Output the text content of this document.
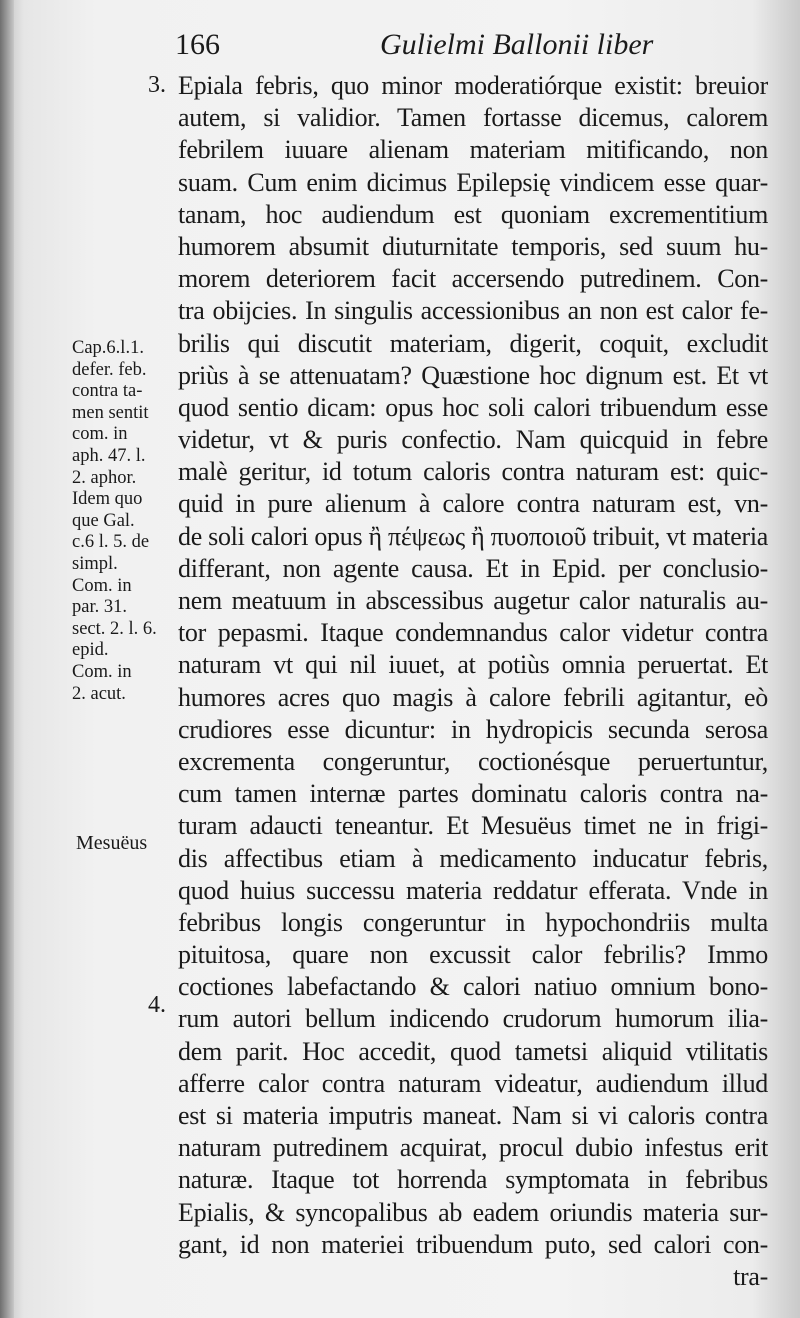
166	Gulielmi Ballonii liber
3.
4.
Epiala febris, quo minor moderatiórque existit: breuior
autem, si validior. Tamen fortasse dicemus, calorem
febrilem iuuare alienam materiam mitificando, non
suam. Cum enim dicimus Epilepsię vindicem esse quar-
tanam, hoc audiendum est quoniam excrementitium
humorem absumit diuturnitate temporis, sed suum hu-
morem deteriorem facit accersendo putredinem. Con-
tra obijcies. In singulis accessionibus an non est calor fe-
brilis qui discutit materiam, digerit, coquit, excludit
priùs à se attenuatam? Quæstione hoc dignum est. Et vt
quod sentio dicam: opus hoc soli calori tribuendum esse
videtur, vt & puris confectio. Nam quicquid in febre
malè geritur, id totum caloris contra naturam est: quic-
quid in pure alienum à calore contra naturam est, vn-
de soli calori opus ἢ πέψεως ἢ πυοποιοῦ tribuit, vt materia
differant, non agente causa. Et in Epid. per conclusio-
nem meatuum in abscessibus augetur calor naturalis au-
tor pepasmi. Itaque condemnandus calor videtur contra
naturam vt qui nil iuuet, at potiùs omnia peruertat. Et
humores acres quo magis à calore febrili agitantur, eò
crudiores esse dicuntur: in hydropicis secunda serosa
excrementa congeruntur, coctionésque peruertuntur,
cum tamen internæ partes dominatu caloris contra na-
turam adaucti teneantur. Et Mesuëus timet ne in frigi-
dis affectibus etiam à medicamento inducatur febris,
quod huius successu materia reddatur efferata. Vnde in
febribus longis congeruntur in hypochondriis multa
pituitosa, quare non excussit calor febrilis? Immo
coctiones labefactando & calori natiuo omnium bono-
rum autori bellum indicendo crudorum humorum ilia-
dem parit. Hoc accedit, quod tametsi aliquid vtilitatis
afferre calor contra naturam videatur, audiendum illud
est si materia imputris maneat. Nam si vi caloris contra
naturam putredinem acquirat, procul dubio infestus erit
naturæ. Itaque tot horrenda symptomata in febribus
Epialis, & syncopalibus ab eadem oriundis materia sur-
gant, id non materiei tribuendum puto, sed calori con-
tra-
Cap.6.l.1.
defer. feb.
contra ta-
men sentit
com. in
aph. 47. l.
2. aphor.
Idem quo
que Gal.
c.6 l. 5. de
simpl.
Com. in
par. 31.
sect. 2. l. 6.
epid.
Com. in
2. acut.
Mesuëus
